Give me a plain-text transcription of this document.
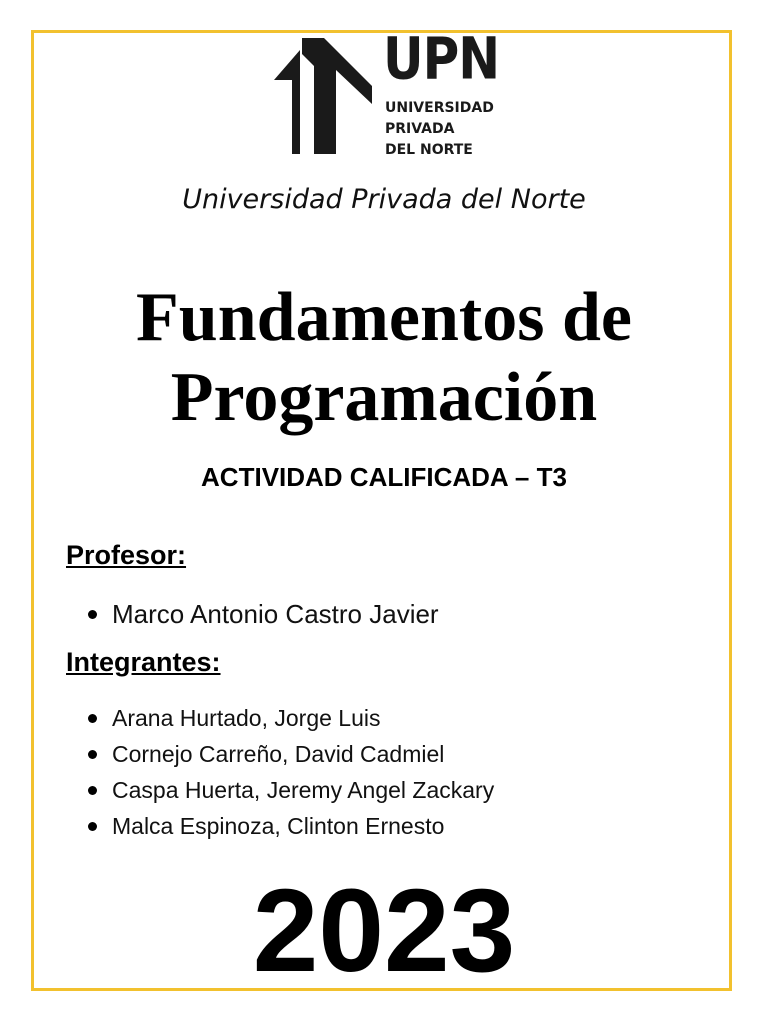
UPN
UNIVERSIDAD
PRIVADA
DEL NORTE
Universidad Privada del Norte
Fundamentos de
Programación
ACTIVIDAD CALIFICADA – T3
Profesor:
Marco Antonio Castro Javier
Integrantes:
Arana Hurtado, Jorge Luis
Cornejo Carreño, David Cadmiel
Caspa Huerta, Jeremy Angel Zackary
Malca Espinoza, Clinton Ernesto
2023
